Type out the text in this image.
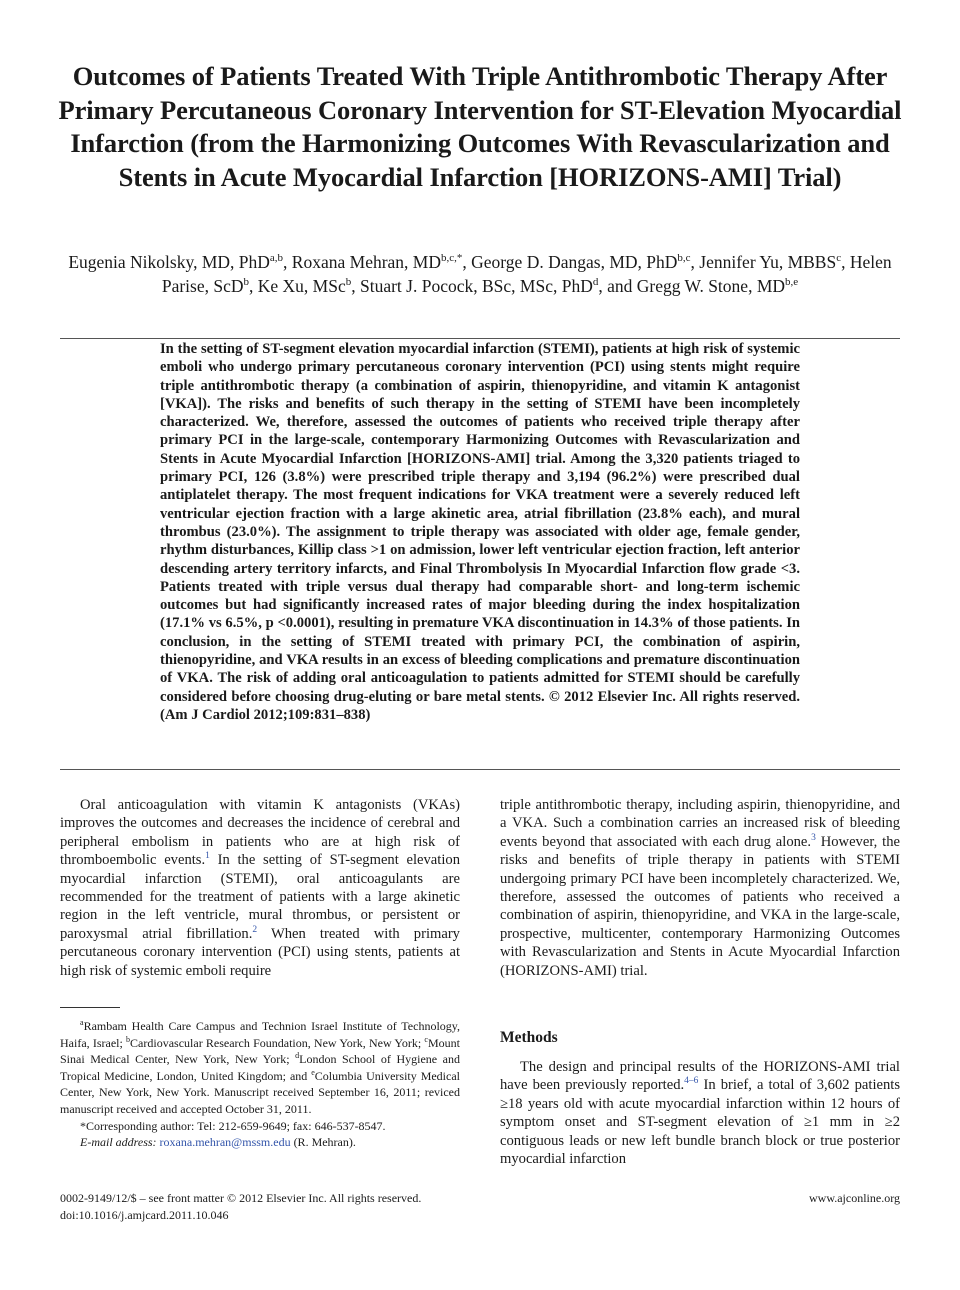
Outcomes of Patients Treated With Triple Antithrombotic Therapy After Primary Percutaneous Coronary Intervention for ST-Elevation Myocardial Infarction (from the Harmonizing Outcomes With Revascularization and Stents in Acute Myocardial Infarction [HORIZONS-AMI] Trial)

Eugenia Nikolsky, MD, PhD$^{a,b}$, Roxana Mehran, $MD^{b,c,*}$, George D. Dangas, MD, PhD$^{b,c}$, Jennifer Yu, MBBS$^c$, Helen Parise, ScD$^b$, Ke Xu, MSc$^b$, Stuart J. Pocock, BSc, MSc, PhD$^d$, and Gregg W. Stone, MD$^{b,e}$

In the setting of ST-segment elevation myocardial infarction (STEMI), patients at high risk of systemic emboli who undergo primary percutaneous coronary intervention (PCI) using stents might require triple antithrombotic therapy (a combination of aspirin, thienopyridine, and vitamin K antagonist [VKA]). The risks and benefits of such therapy in the setting of STEMI have been incompletely characterized. We, therefore, assessed the outcomes of patients who received triple therapy after primary PCI in the large-scale, contemporary Harmonizing Outcomes with Revascularization and Stents in Acute Myocardial Infarction [HORIZONS-AMI] trial. Among the 3,320 patients triaged to primary PCI, 126 (3.8%) were prescribed triple therapy and 3,194 (96.2%) were prescribed dual antiplatelet therapy. The most frequent indications for VKA treatment were a severely reduced left ventricular ejection fraction with a large akinetic area, atrial fibrillation (23.8% each), and mural thrombus (23.0%). The assignment to triple therapy was associated with older age, female gender, rhythm disturbances, Killip class >1 on admission, lower left ventricular ejection fraction, left anterior descending artery territory infarcts, and Final Thrombolysis In Myocardial Infarction flow grade <3. Patients treated with triple versus dual therapy had comparable short- and long-term ischemic outcomes but had significantly increased rates of major bleeding during the index hospitalization (17.1% vs 6.5%, p <0.0001), resulting in premature VKA discontinuation in 14.3% of those patients. In conclusion, in the setting of STEMI treated with primary PCI, the combination of aspirin, thienopyridine, and VKA results in an excess of bleeding complications and premature discontinuation of VKA. The risk of adding oral anticoagulation to patients admitted for STEMI should be carefully considered before choosing drug-eluting or bare metal stents. © 2012 Elsevier Inc. All rights reserved. (Am J Cardiol 2012;109:831–838)

Oral anticoagulation with vitamin K antagonists (VKAs) improves the outcomes and decreases the incidence of cerebral and peripheral embolism in patients who are at high risk of thromboembolic events.$^1$ In the setting of ST-segment elevation myocardial infarction (STEMI), oral anticoagulants are recommended for the treatment of patients with a large akinetic region in the left ventricle, mural thrombus, or persistent or paroxysmal atrial fibrillation.$^2$ When treated with primary percutaneous coronary intervention (PCI) using stents, patients at high risk of systemic emboli require

$^a$Rambam Health Care Campus and Technion Israel Institute of Technology, Haifa, Israel; $^b$Cardiovascular Research Foundation, New York, New York; $^c$Mount Sinai Medical Center, New York, New York; $^d$London School of Hygiene and Tropical Medicine, London, United Kingdom; and $^e$Columbia University Medical Center, New York, New York. Manuscript received September 16, 2011; reviced manuscript received and accepted October 31, 2011.

*Corresponding author: Tel: 212-659-9649; fax: 646-537-8547.

E-mail address: roxana.mehran@mssm.edu (R. Mehran).

triple antithrombotic therapy, including aspirin, thienopyridine, and a VKA. Such a combination carries an increased risk of bleeding events beyond that associated with each drug alone.$^3$ However, the risks and benefits of triple therapy in patients with STEMI undergoing primary PCI have been incompletely characterized. We, therefore, assessed the outcomes of patients who received a combination of aspirin, thienopyridine, and VKA in the large-scale, prospective, multicenter, contemporary Harmonizing Outcomes with Revascularization and Stents in Acute Myocardial Infarction (HORIZONS-AMI) trial.

Methods

The design and principal results of the HORIZONS-AMI trial have been previously reported.$^{4-6}$ In brief, a total of 3,602 patients ≥18 years old with acute myocardial infarction within 12 hours of symptom onset and ST-segment elevation of ≥1 mm in ≥2 contiguous leads or new left bundle branch block or true posterior myocardial infarction

0002-9149/12/$ – see front matter © 2012 Elsevier Inc. All rights reserved.
doi:10.1016/j.amjcard.2011.10.046
www.ajconline.org
